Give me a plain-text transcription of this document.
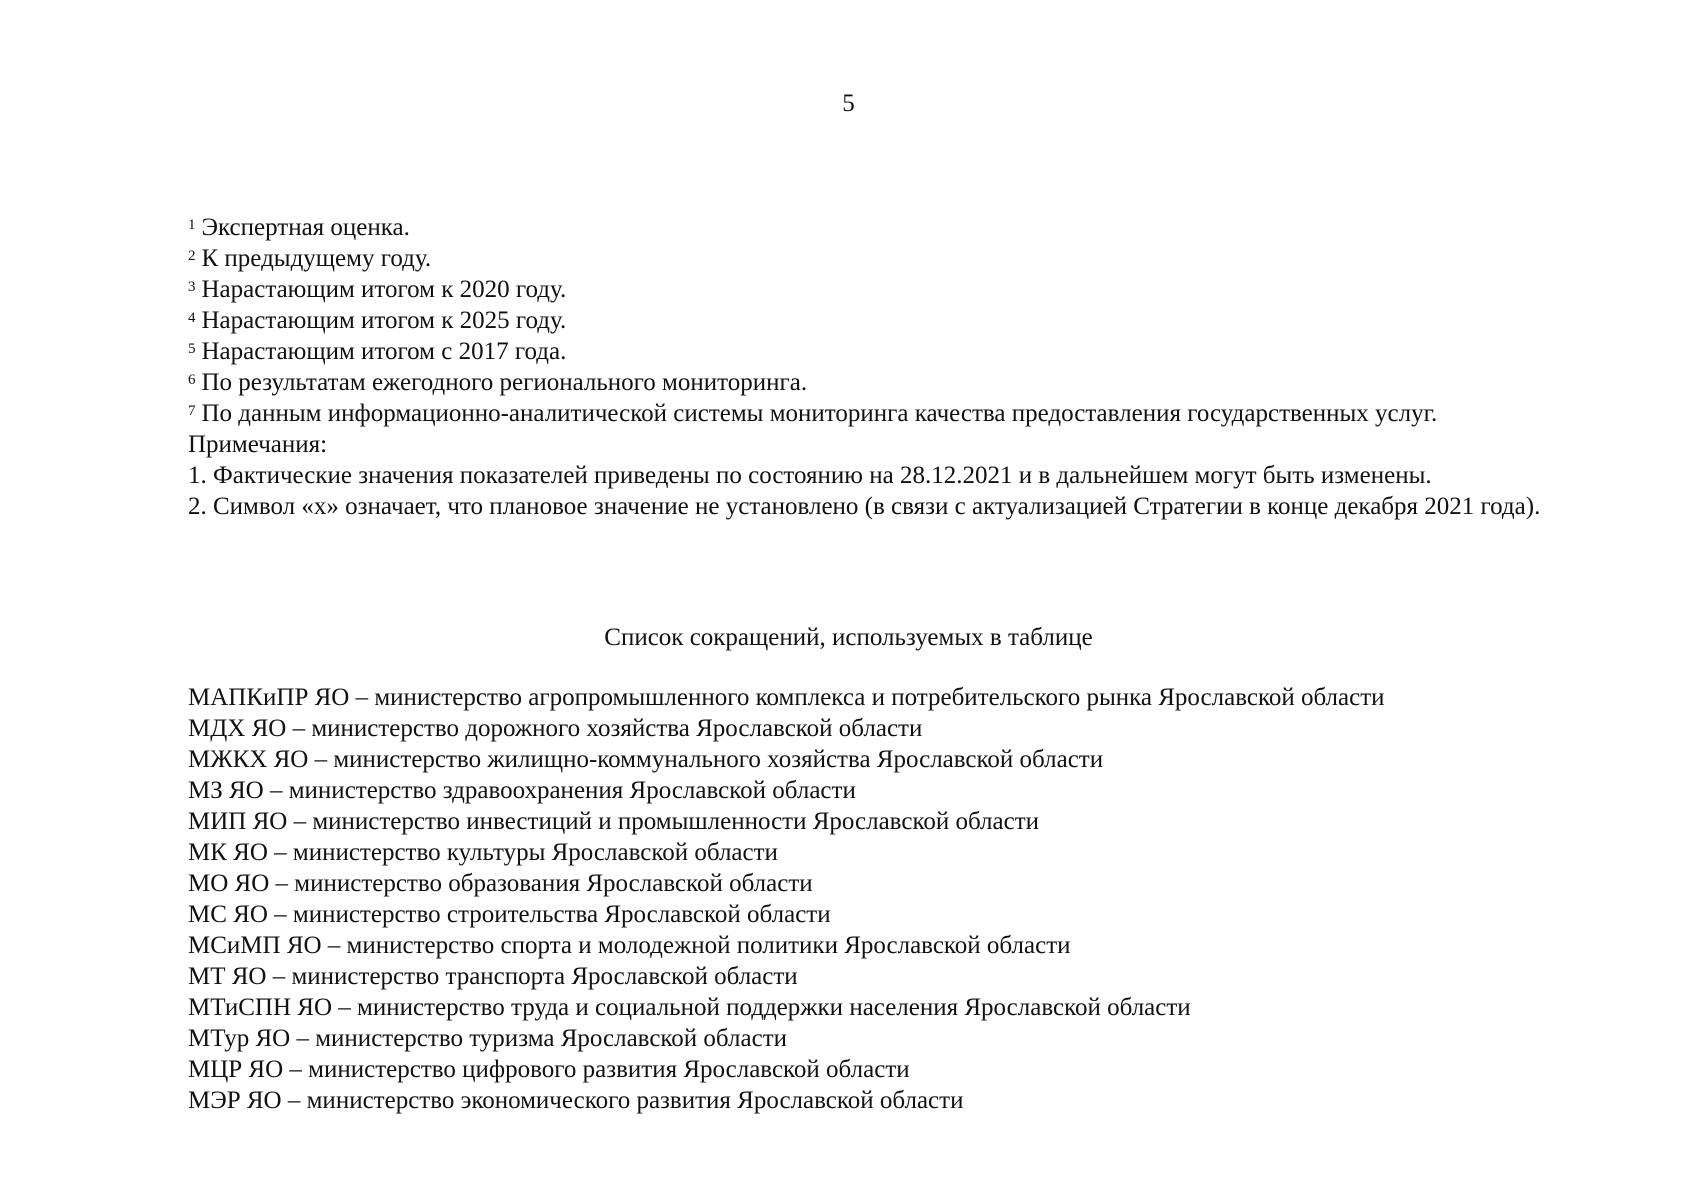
5

$^1$ Экспертная оценка.

$^2$ К предыдущему году.

$^3$ Нарастающим итогом к 2020 году.

$^4$ Нарастающим итогом к 2025 году.

$^5$ Нарастающим итогом с 2017 года.

$^6$ По результатам ежегодного регионального мониторинга.

$^7$ По данным информационно-аналитической системы мониторинга качества предоставления государственных услуг.

Примечания:

1. Фактические значения показателей приведены по состоянию на 28.12.2021 и в дальнейшем могут быть изменены.

2. Символ «х» означает, что плановое значение не установлено (в связи с актуализацией Стратегии в конце декабря 2021 года).

Список сокращений, используемых в таблице
МАПКиПР ЯО – министерство агропромышленного комплекса и потребительского рынка Ярославской области
МДХ ЯО – министерство дорожного хозяйства Ярославской области
МЖКХ ЯО – министерство жилищно-коммунального хозяйства Ярославской области
МЗ ЯО – министерство здравоохранения Ярославской области
МИП ЯО – министерство инвестиций и промышленности Ярославской области
МК ЯО – министерство культуры Ярославской области
МО ЯО – министерство образования Ярославской области
МС ЯО – министерство строительства Ярославской области
МСиМП ЯО – министерство спорта и молодежной политики Ярославской области
МТ ЯО – министерство транспорта Ярославской области
МТиСПН ЯО – министерство труда и социальной поддержки населения Ярославской области
МТур ЯО – министерство туризма Ярославской области
МЦР ЯО – министерство цифрового развития Ярославской области
МЭР ЯО – министерство экономического развития Ярославской области
